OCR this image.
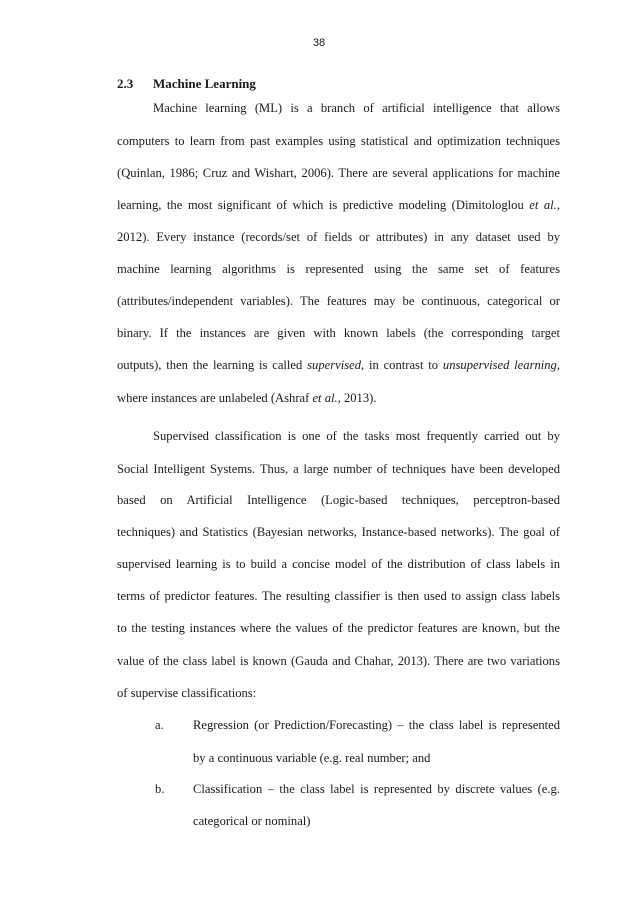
38
2.3 Machine Learning
Machine learning (ML) is a branch of artificial intelligence that allows
computers to learn from past examples using statistical and optimization techniques
(Quinlan, 1986; Cruz and Wishart, 2006). There are several applications for machine
learning, the most significant of which is predictive modeling (Dimitologlou et al.,
2012). Every instance (records/set of fields or attributes) in any dataset used by
machine learning algorithms is represented using the same set of features
(attributes/independent variables). The features may be continuous, categorical or
binary. If the instances are given with known labels (the corresponding target
outputs), then the learning is called supervised, in contrast to unsupervised learning,
where instances are unlabeled (Ashraf et al., 2013).
Supervised classification is one of the tasks most frequently carried out by
Social Intelligent Systems. Thus, a large number of techniques have been developed
based on Artificial Intelligence (Logic-based techniques, perceptron-based
techniques) and Statistics (Bayesian networks, Instance-based networks). The goal of
supervised learning is to build a concise model of the distribution of class labels in
terms of predictor features. The resulting classifier is then used to assign class labels
to the testing instances where the values of the predictor features are known, but the
value of the class label is known (Gauda and Chahar, 2013). There are two variations
of supervise classifications:
a. Regression (or Prediction/Forecasting) – the class label is represented
by a continuous variable (e.g. real number; and
b. Classification – the class label is represented by discrete values (e.g.
categorical or nominal)
